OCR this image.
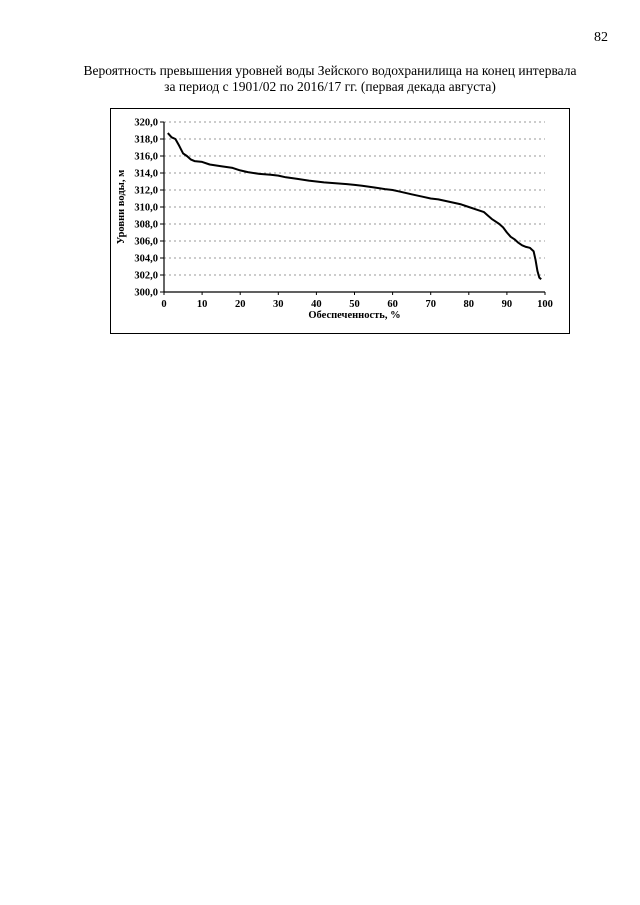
82
Вероятность превышения уровней воды Зейского водохранилища на конец интервала
за период с 1901/02 по 2016/17 гг. (первая декада августа)
300,0
302,0
304,0
306,0
308,0
310,0
312,0
314,0
316,0
318,0
320,0
0	10	20	30	40	50	60	70	80	90 100
Обеспеченность, %
Уровни воды, м
